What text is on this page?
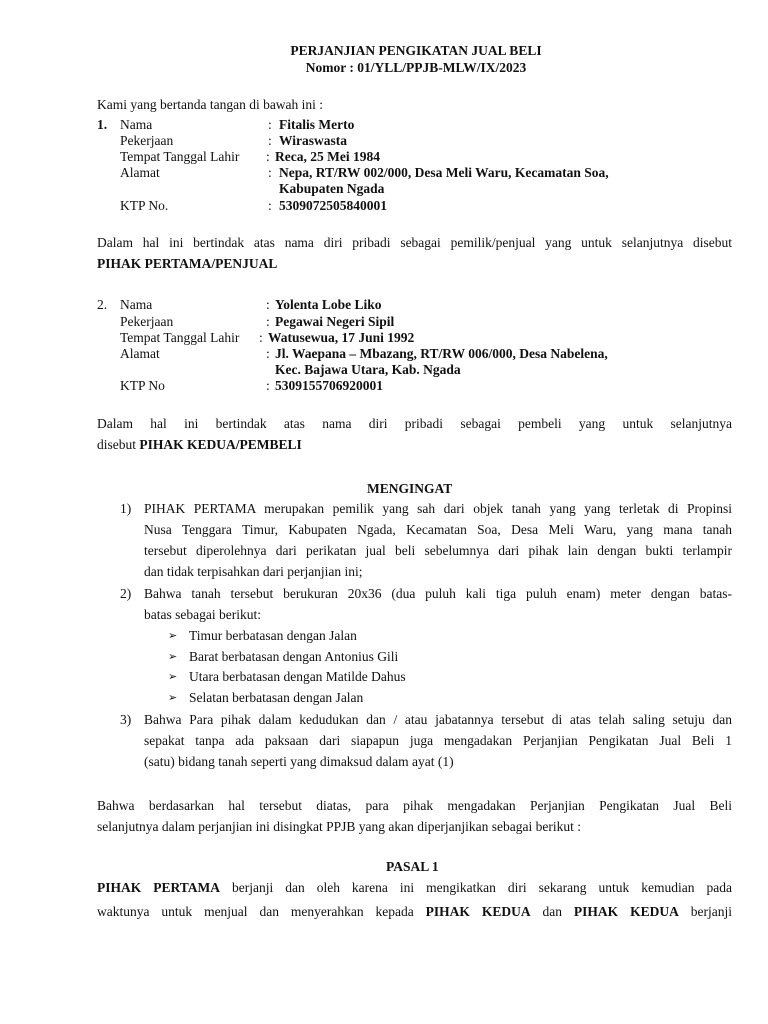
PERJANJIAN PENGIKATAN JUAL BELI
Nomor : 01/YLL/PPJB-MLW/IX/2023
Kami yang bertanda tangan di bawah ini :
1. Nama	: Fitalis Merto
Pekerjaan	: Wiraswasta
Tempat Tanggal Lahir : Reca, 25 Mei 1984
Alamat	: Nepa, RT/RW 002/000, Desa Meli Waru, Kecamatan Soa,
Kabupaten Ngada
KTP No.	: 5309072505840001
Dalam hal ini bertindak atas nama diri pribadi sebagai pemilik/penjual yang untuk selanjutnya disebut
PIHAK PERTAMA/PENJUAL
2. Nama	: Yolenta Lobe Liko
Pekerjaan	: Pegawai Negeri Sipil
Tempat Tanggal Lahir : Watusewua, 17 Juni 1992
Alamat	: Jl. Waepana – Mbazang, RT/RW 006/000, Desa Nabelena,
Kec. Bajawa Utara, Kab. Ngada
KTP No	: 5309155706920001
Dalam hal ini bertindak atas nama diri pribadi sebagai pembeli yang untuk selanjutnya
disebut PIHAK KEDUA/PEMBELI
MENGINGAT
1) PIHAK PERTAMA merupakan pemilik yang sah dari objek tanah yang yang terletak di Propinsi
Nusa Tenggara Timur, Kabupaten Ngada, Kecamatan Soa, Desa Meli Waru, yang mana tanah
tersebut diperolehnya dari perikatan jual beli sebelumnya dari pihak lain dengan bukti terlampir
dan tidak terpisahkan dari perjanjian ini;
2) Bahwa tanah tersebut berukuran 20x36 (dua puluh kali tiga puluh enam) meter dengan batas-
batas sebagai berikut:
➢ Timur berbatasan dengan Jalan
➢ Barat berbatasan dengan Antonius Gili
➢ Utara berbatasan dengan Matilde Dahus
➢ Selatan berbatasan dengan Jalan
3) Bahwa Para pihak dalam kedudukan dan / atau jabatannya tersebut di atas telah saling setuju dan
sepakat tanpa ada paksaan dari siapapun juga mengadakan Perjanjian Pengikatan Jual Beli 1
(satu) bidang tanah seperti yang dimaksud dalam ayat (1)
Bahwa berdasarkan hal tersebut diatas, para pihak mengadakan Perjanjian Pengikatan Jual Beli
selanjutnya dalam perjanjian ini disingkat PPJB yang akan diperjanjikan sebagai berikut :
PASAL 1
PIHAK PERTAMA berjanji dan oleh karena ini mengikatkan diri sekarang untuk kemudian pada
waktunya untuk menjual dan menyerahkan kepada PIHAK KEDUA dan PIHAK KEDUA berjanji
